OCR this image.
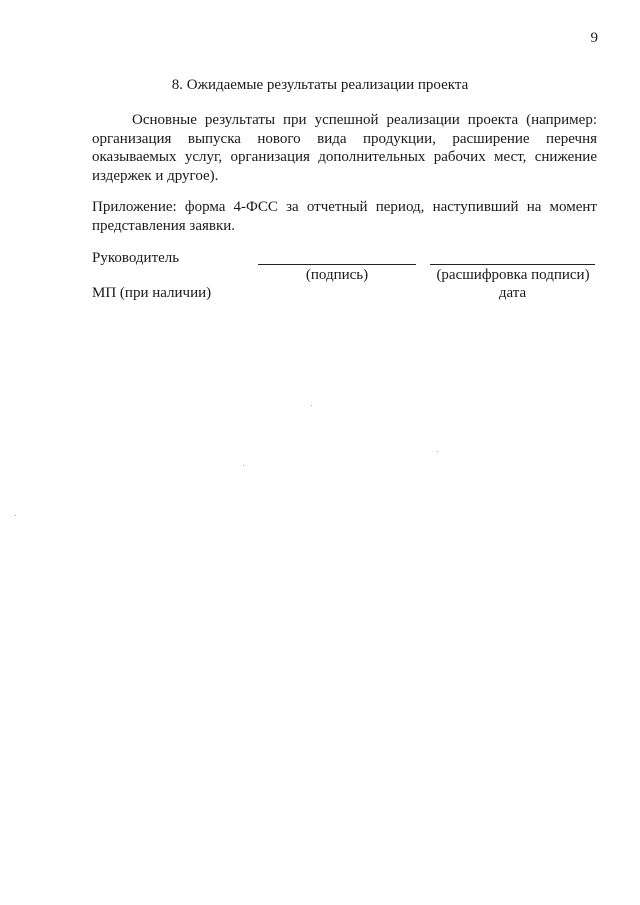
9
8. Ожидаемые результаты реализации проекта

Основные результаты при успешной реализации проекта (например: организация выпуска нового вида продукции, расширение перечня оказываемых услуг, организация дополнительных рабочих мест, снижение издержек и другое).

Приложение: форма 4-ФСС за отчетный период, наступивший на момент представления заявки.

Руководитель
(подпись)	(расшифровка подписи)
МП (при наличии)	дата
